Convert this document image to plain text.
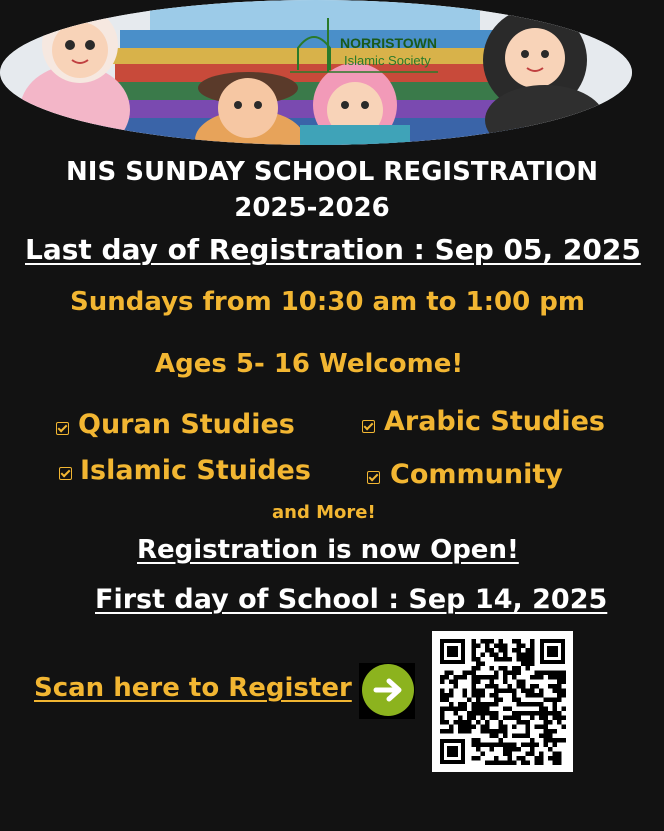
NORRISTOWN
Islamic Society

NIS SUNDAY SCHOOL REGISTRATION

2025-2026

Last day of Registration : Sep 05, 2025

Sundays from 10:30 am to 1:00 pm

Ages 5- 16 Welcome!

Quran Studies	Arabic Studies

Islamic Stuides	Community

and More!

Registration is now Open!

First day of School : Sep 14, 2025

Scan here to Register
